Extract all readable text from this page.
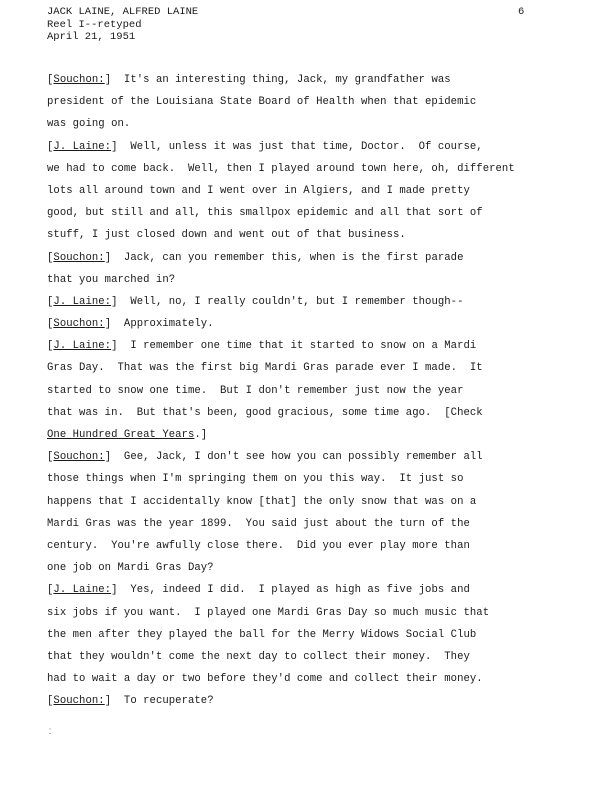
JACK LAINE, ALFRED LAINE
Reel I--retyped
April 21, 1951
6
[Souchon:]  It's an interesting thing, Jack, my grandfather was
president of the Louisiana State Board of Health when that epidemic
was going on.
[J. Laine:]  Well, unless it was just that time, Doctor.  Of course,
we had to come back.  Well, then I played around town here, oh, different
lots all around town and I went over in Algiers, and I made pretty
good, but still and all, this smallpox epidemic and all that sort of
stuff, I just closed down and went out of that business.
[Souchon:]  Jack, can you remember this, when is the first parade
that you marched in?
[J. Laine:]  Well, no, I really couldn't, but I remember though--
[Souchon:]  Approximately.
[J. Laine:]  I remember one time that it started to snow on a Mardi
Gras Day.  That was the first big Mardi Gras parade ever I made.  It
started to snow one time.  But I don't remember just now the year
that was in.  But that's been, good gracious, some time ago.  [Check
One Hundred Great Years.]
[Souchon:]  Gee, Jack, I don't see how you can possibly remember all
those things when I'm springing them on you this way.  It just so
happens that I accidentally know [that] the only snow that was on a
Mardi Gras was the year 1899.  You said just about the turn of the
century.  You're awfully close there.  Did you ever play more than
one job on Mardi Gras Day?
[J. Laine:]  Yes, indeed I did.  I played as high as five jobs and
six jobs if you want.  I played one Mardi Gras Day so much music that
the men after they played the ball for the Merry Widows Social Club
that they wouldn't come the next day to collect their money.  They
had to wait a day or two before they'd come and collect their money.
[Souchon:]  To recuperate?
ː
